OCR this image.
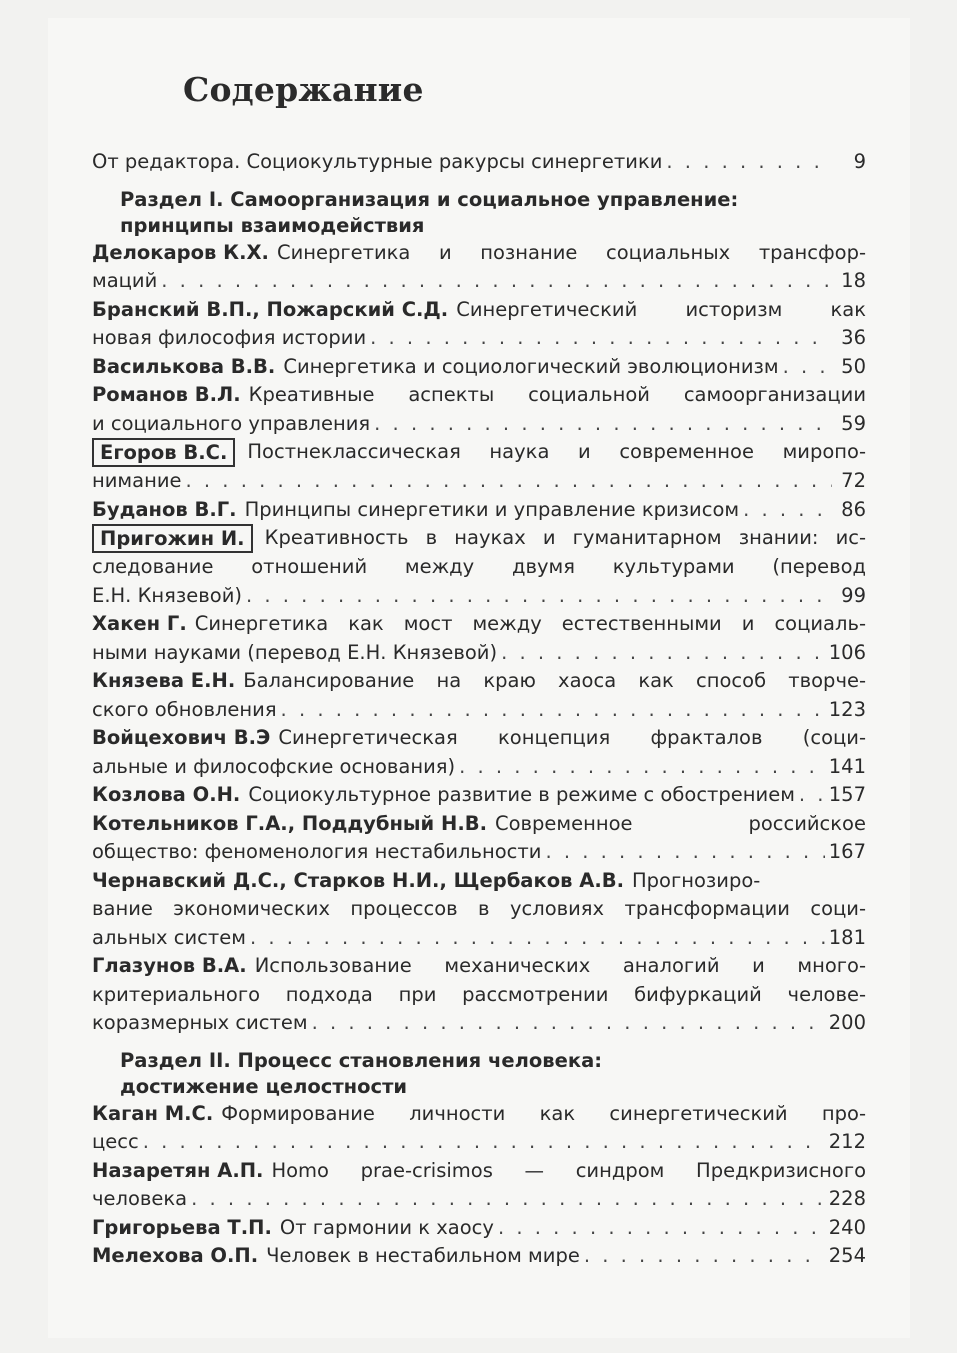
Содержание
От редактора. Социокультурные ракурсы синергетики . . .	9
Раздел I. Самоорганизация и социальное управление:
принципы взаимодействия
Делокаров К.Х. Синергетика и познание социальных трансфор-
маций . . .	18
Бранский В.П., Пожарский С.Д. Синергетический историзм как
новая философия истории . . .	36
Василькова В.В. Синергетика и социологический эволюционизм . . .	50
Романов В.Л. Креативные аспекты социальной самоорганизации
и социального управления . . .	59
Егоров В.С.	Постнеклассическая наука и современное миропо-
нимание . . .	72
Буданов В.Г. Принципы синергетики и управление кризисом . . .	86
Пригожин И.	Креативность в науках и гуманитарном знании: ис-
следование отношений между двумя культурами (перевод
Е.Н. Князевой) . . .	99
Хакен Г. Синергетика как мост между естественными и социаль-
ными науками (перевод Е.Н. Князевой) . . .	106
Князева Е.Н. Балансирование на краю хаоса как способ творче-
ского обновления . . .	123
Войцехович В.Э Синергетическая концепция фракталов (соци-
альные и философские основания) . . .	141
Козлова О.Н. Социокультурное развитие в режиме с обострением . . . 157
Котельников Г.А., Поддубный Н.В. Современное российское
общество: феноменология нестабильности . . .	167
Чернавский Д.С., Старков Н.И., Щербаков А.В. Прогнозиро-
вание экономических процессов в условиях трансформации соци-
альных систем . . .	181
Глазунов В.А. Использование механических аналогий и много-
критериального подхода при рассмотрении бифуркаций челове-
коразмерных систем . . .	200
Раздел II. Процесс становления человека:
достижение целостности
Каган М.С. Формирование личности как синергетический про-
цесс . . .	212
Назаретян А.П. Homo prae-crisimos — синдром Предкризисного
человека . . .	228
Григорьева Т.П. От гармонии к хаосу . . .	240
Мелехова О.П. Человек в нестабильном мире . . .	254
